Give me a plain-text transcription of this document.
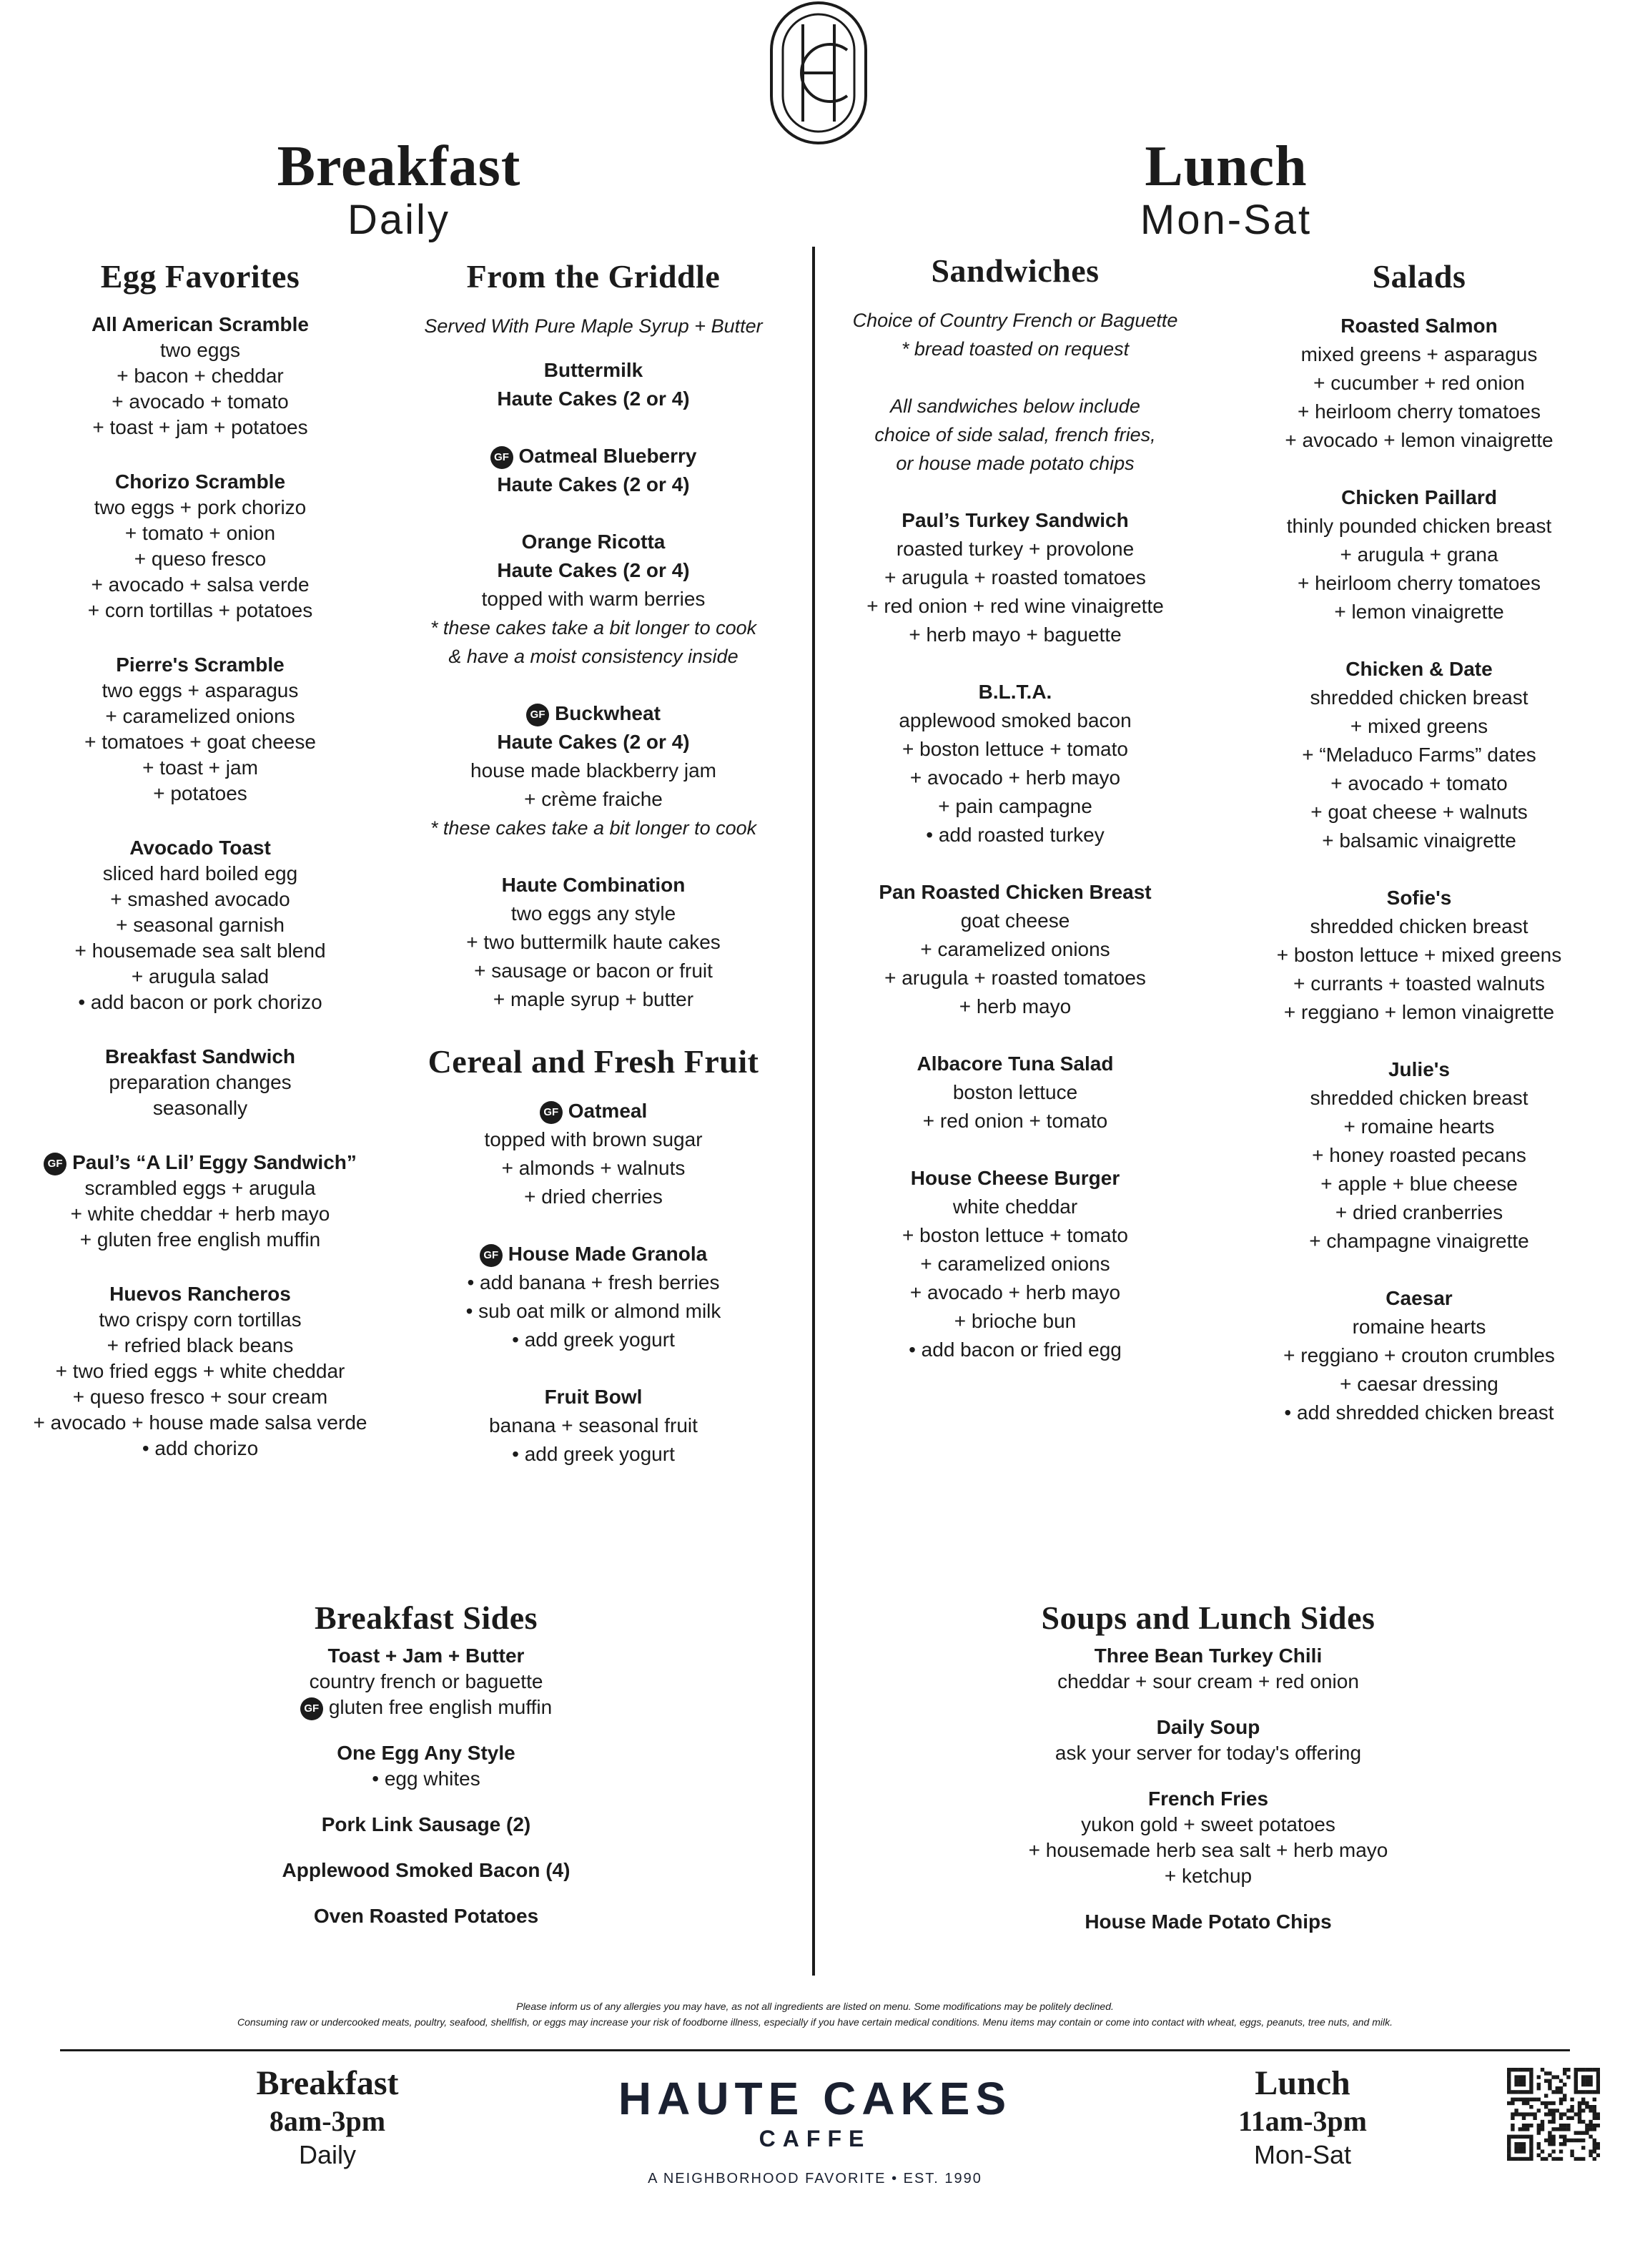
Breakfast
Daily
Lunch
Mon-Sat
Egg Favorites
All American Scramble
two eggs
+ bacon + cheddar
+ avocado + tomato
+ toast + jam + potatoes
Chorizo Scramble
two eggs + pork chorizo
+ tomato + onion
+ queso fresco
+ avocado + salsa verde
+ corn tortillas + potatoes
Pierre's Scramble
two eggs + asparagus
+ caramelized onions
+ tomatoes + goat cheese
+ toast + jam
+ potatoes
Avocado Toast
sliced hard boiled egg
+ smashed avocado
+ seasonal garnish
+ housemade sea salt blend
+ arugula salad
• add bacon or pork chorizo
Breakfast Sandwich
preparation changes
seasonally
GF Paul’s “A Lil’ Eggy Sandwich”
scrambled eggs + arugula
+ white cheddar + herb mayo
+ gluten free english muffin
Huevos Rancheros
two crispy corn tortillas
+ refried black beans
+ two fried eggs + white cheddar
+ queso fresco + sour cream
+ avocado + house made salsa verde
• add chorizo
From the Griddle
Served With Pure Maple Syrup + Butter
Buttermilk
Haute Cakes (2 or 4)
GF Oatmeal Blueberry
Haute Cakes (2 or 4)
Orange Ricotta
Haute Cakes (2 or 4)
topped with warm berries
* these cakes take a bit longer to cook
& have a moist consistency inside
GF Buckwheat
Haute Cakes (2 or 4)
house made blackberry jam
+ crème fraiche
* these cakes take a bit longer to cook
Haute Combination
two eggs any style
+ two buttermilk haute cakes
+ sausage or bacon or fruit
+ maple syrup + butter
Cereal and Fresh Fruit
GF Oatmeal
topped with brown sugar
+ almonds + walnuts
+ dried cherries
GF House Made Granola
• add banana + fresh berries
• sub oat milk or almond milk
• add greek yogurt
Fruit Bowl
banana + seasonal fruit
• add greek yogurt
Sandwiches
Choice of Country French or Baguette
* bread toasted on request
All sandwiches below include
choice of side salad, french fries,
or house made potato chips
Paul’s Turkey Sandwich
roasted turkey + provolone
+ arugula + roasted tomatoes
+ red onion + red wine vinaigrette
+ herb mayo + baguette
B.L.T.A.
applewood smoked bacon
+ boston lettuce + tomato
+ avocado + herb mayo
+ pain campagne
• add roasted turkey
Pan Roasted Chicken Breast
goat cheese
+ caramelized onions
+ arugula + roasted tomatoes
+ herb mayo
Albacore Tuna Salad
boston lettuce
+ red onion + tomato
House Cheese Burger
white cheddar
+ boston lettuce + tomato
+ caramelized onions
+ avocado + herb mayo
+ brioche bun
• add bacon or fried egg
Salads
Roasted Salmon
mixed greens + asparagus
+ cucumber + red onion
+ heirloom cherry tomatoes
+ avocado + lemon vinaigrette
Chicken Paillard
thinly pounded chicken breast
+ arugula + grana
+ heirloom cherry tomatoes
+ lemon vinaigrette
Chicken & Date
shredded chicken breast
+ mixed greens
+ “Meladuco Farms” dates
+ avocado + tomato
+ goat cheese + walnuts
+ balsamic vinaigrette
Sofie's
shredded chicken breast
+ boston lettuce + mixed greens
+ currants + toasted walnuts
+ reggiano + lemon vinaigrette
Julie's
shredded chicken breast
+ romaine hearts
+ honey roasted pecans
+ apple + blue cheese
+ dried cranberries
+ champagne vinaigrette
Caesar
romaine hearts
+ reggiano + crouton crumbles
+ caesar dressing
• add shredded chicken breast
Breakfast Sides
Toast + Jam + Butter
country french or baguette
GF gluten free english muffin
One Egg Any Style
• egg whites
Pork Link Sausage (2)
Applewood Smoked Bacon (4)
Oven Roasted Potatoes
Soups and Lunch Sides
Three Bean Turkey Chili
cheddar + sour cream + red onion
Daily Soup
ask your server for today's offering
French Fries
yukon gold + sweet potatoes
+ housemade herb sea salt + herb mayo
+ ketchup
House Made Potato Chips
Please inform us of any allergies you may have, as not all ingredients are listed on menu. Some modifications may be politely declined.
Consuming raw or undercooked meats, poultry, seafood, shellfish, or eggs may increase your risk of foodborne illness, especially if you have certain medical conditions. Menu items may contain or come into contact with wheat, eggs, peanuts, tree nuts, and milk.
Breakfast
8am-3pm
Daily
HAUTE CAKES
CAFFE
A NEIGHBORHOOD FAVORITE • EST. 1990
Lunch
11am-3pm
Mon-Sat
